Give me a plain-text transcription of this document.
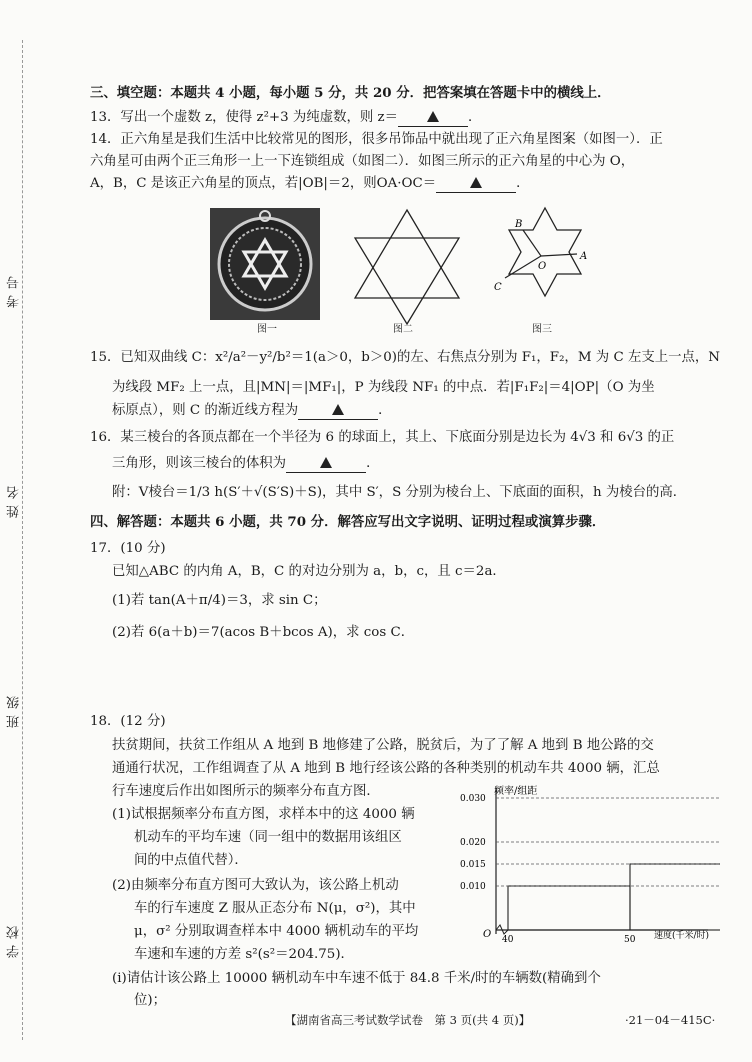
考号
姓名
班级
学校
三、填空题：本题共 4 小题，每小题 5 分，共 20 分．把答案填在答题卡中的横线上．
13．写出一个虚数 z，使得 z²+3 为纯虚数，则 z＝	．
14．正六角星是我们生活中比较常见的图形，很多吊饰品中就出现了正六角星图案（如图一）．正
六角星可由两个正三角形一上一下连锁组成（如图二）．如图三所示的正六角星的中心为 O，
A，B，C 是该正六角星的顶点，若|OB|＝2，则OA·OC＝	．
图一	图二
B
A
C
O
图三
15．已知双曲线 C：x²/a²－y²/b²＝1(a＞0，b＞0)的左、右焦点分别为 F₁，F₂，M 为 C 左支上一点，N
为线段 MF₂ 上一点，且|MN|＝|MF₁|，P 为线段 NF₁ 的中点．若|F₁F₂|＝4|OP|（O 为坐
标原点），则 C 的渐近线方程为	．
16．某三棱台的各顶点都在一个半径为 6 的球面上，其上、下底面分别是边长为 4√3 和 6√3 的正
三角形，则该三棱台的体积为	．
附：V棱台＝1/3 h(S′＋√(S′S)＋S)，其中 S′，S 分别为棱台上、下底面的面积，h 为棱台的高．
四、解答题：本题共 6 小题，共 70 分．解答应写出文字说明、证明过程或演算步骤．
17．(10 分)
已知△ABC 的内角 A，B，C 的对边分别为 a，b，c，且 c＝2a．
(1)若 tan(A＋π/4)＝3，求 sin C；
(2)若 6(a＋b)＝7(acos B＋bcos A)，求 cos C．
18．(12 分)
扶贫期间，扶贫工作组从 A 地到 B 地修建了公路，脱贫后，为了了解 A 地到 B 地公路的交
通通行状况，工作组调查了从 A 地到 B 地行经该公路的各种类别的机动车共 4000 辆，汇总
行车速度后作出如图所示的频率分布直方图．
(1)试根据频率分布直方图，求样本中的这 4000 辆
机动车的平均车速（同一组中的数据用该组区
间的中点值代替）．
(2)由频率分布直方图可大致认为，该公路上机动
车的行车速度 Z 服从正态分布 N(μ，σ²)，其中
μ，σ² 分别取调查样本中 4000 辆机动车的平均
车速和车速的方差 s²(s²＝204.75)．
(ⅰ)请估计该公路上 10000 辆机动车中车速不低于 84.8 千米/时的车辆数(精确到个
位)；
频率/组距
速度(千米/时)
O
0.010
0.015
0.020
0.030
40	50
【湖南省高三考试数学试卷　第 3 页(共 4 页)】	·21－04－415C·
